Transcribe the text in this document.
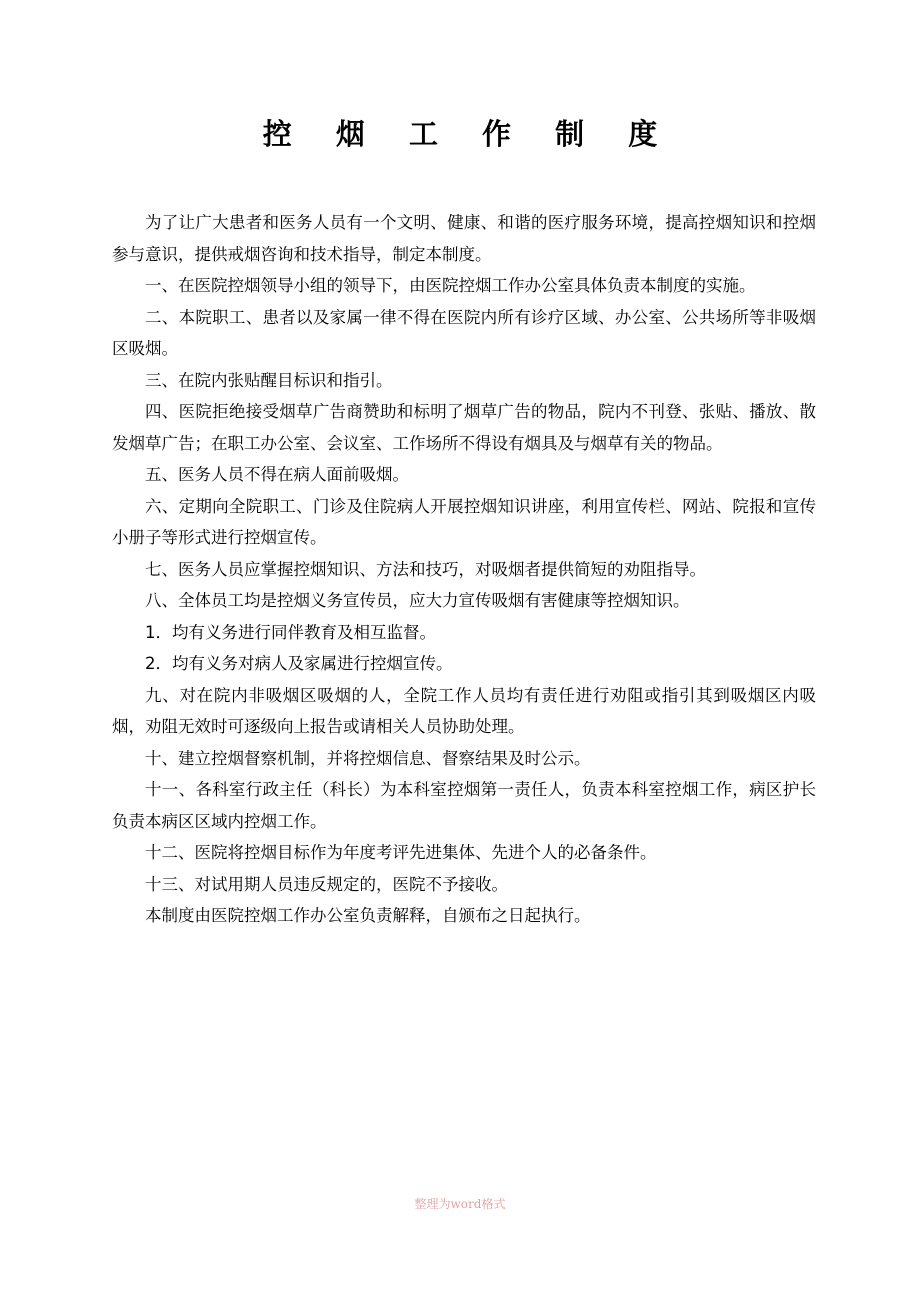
控 烟 工 作 制 度

为了让广大患者和医务人员有一个文明、健康、和谐的医疗服务环境，提高控烟知识和控烟参与意识，提供戒烟咨询和技术指导，制定本制度。

一、在医院控烟领导小组的领导下，由医院控烟工作办公室具体负责本制度的实施。

二、本院职工、患者以及家属一律不得在医院内所有诊疗区域、办公室、公共场所等非吸烟区吸烟。

三、在院内张贴醒目标识和指引。

四、医院拒绝接受烟草广告商赞助和标明了烟草广告的物品，院内不刊登、张贴、播放、散发烟草广告；在职工办公室、会议室、工作场所不得设有烟具及与烟草有关的物品。

五、医务人员不得在病人面前吸烟。

六、定期向全院职工、门诊及住院病人开展控烟知识讲座，利用宣传栏、网站、院报和宣传小册子等形式进行控烟宣传。

七、医务人员应掌握控烟知识、方法和技巧，对吸烟者提供简短的劝阻指导。

八、全体员工均是控烟义务宣传员，应大力宣传吸烟有害健康等控烟知识。

1．均有义务进行同伴教育及相互监督。

2．均有义务对病人及家属进行控烟宣传。

九、对在院内非吸烟区吸烟的人，全院工作人员均有责任进行劝阻或指引其到吸烟区内吸烟，劝阻无效时可逐级向上报告或请相关人员协助处理。

十、建立控烟督察机制，并将控烟信息、督察结果及时公示。

十一、各科室行政主任（科长）为本科室控烟第一责任人，负责本科室控烟工作，病区护长负责本病区区域内控烟工作。

十二、医院将控烟目标作为年度考评先进集体、先进个人的必备条件。

十三、对试用期人员违反规定的，医院不予接收。

本制度由医院控烟工作办公室负责解释，自颁布之日起执行。

整理为word格式
